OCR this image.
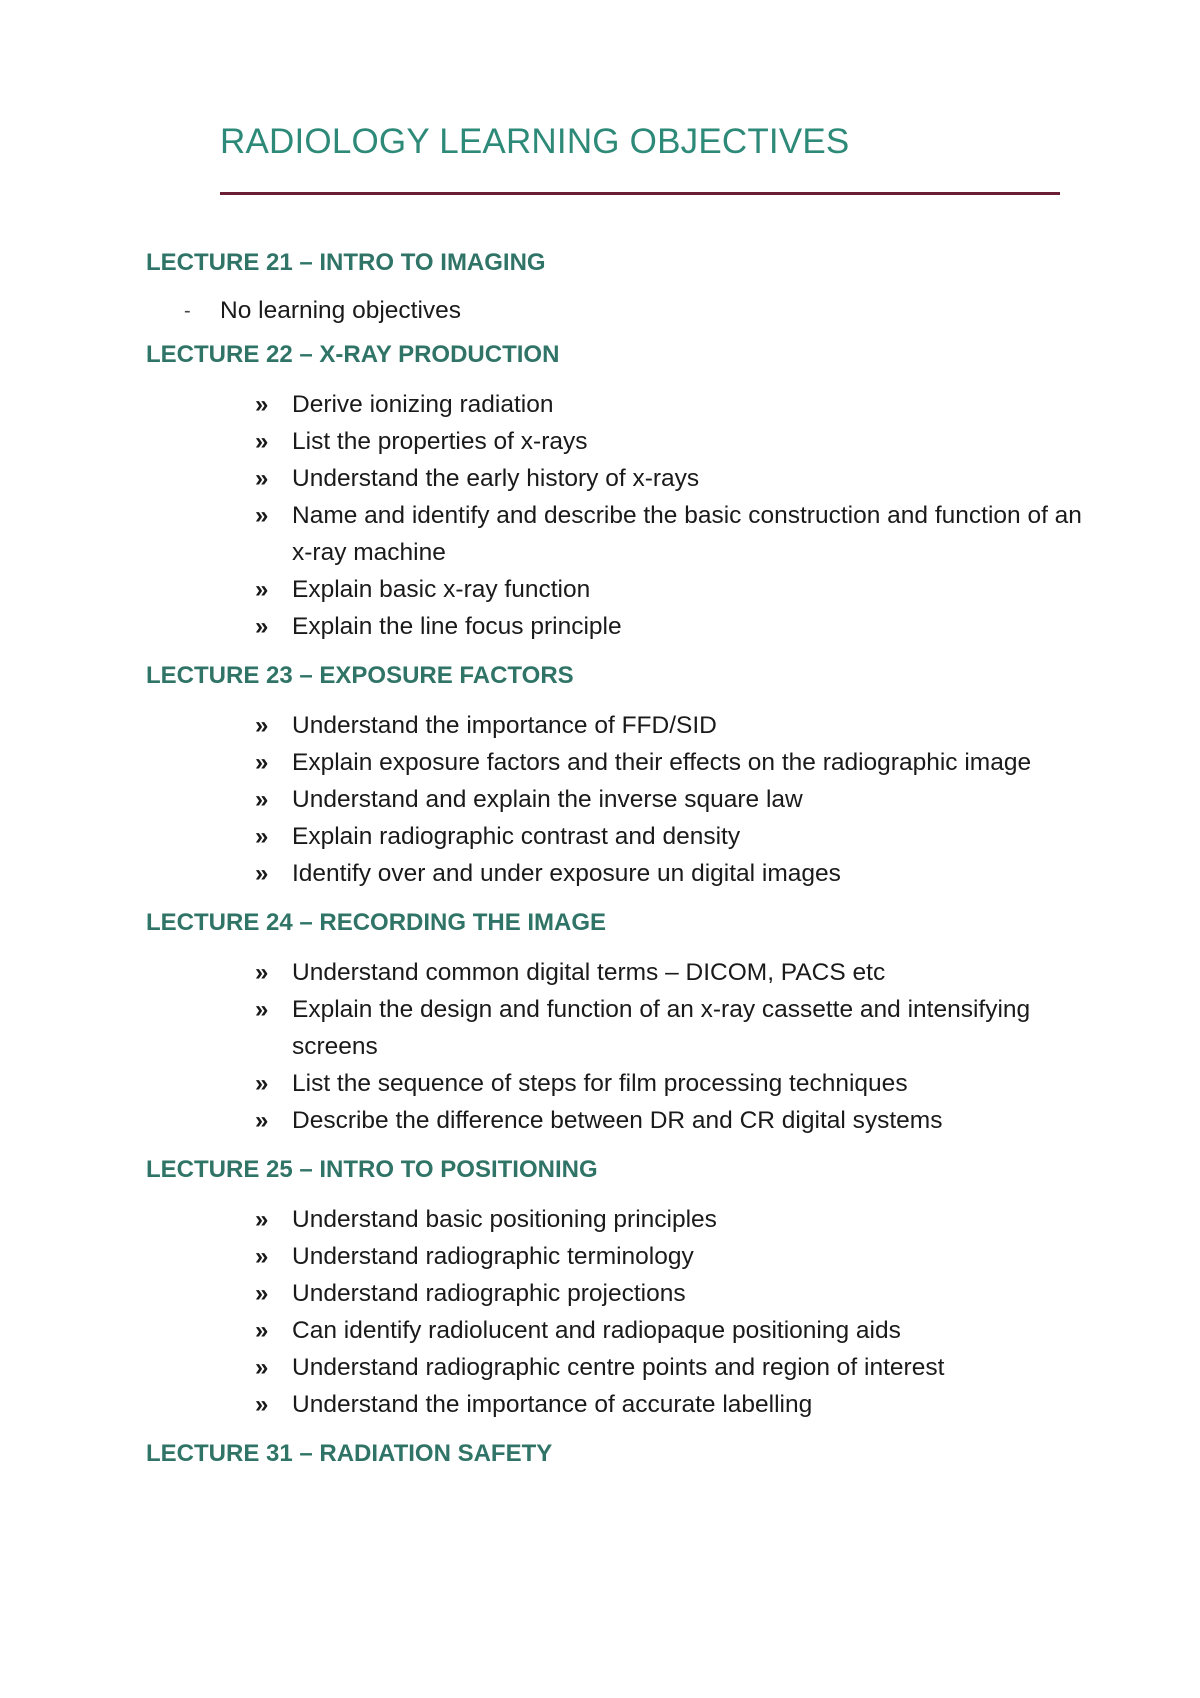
RADIOLOGY LEARNING OBJECTIVES
LECTURE 21 – INTRO TO IMAGING
- No learning objectives
LECTURE 22 – X-RAY PRODUCTION
» Derive ionizing radiation
» List the properties of x-rays
» Understand the early history of x-rays
» Name and identify and describe the basic construction and function of an x-ray machine
» Explain basic x-ray function
» Explain the line focus principle
LECTURE 23 – EXPOSURE FACTORS
» Understand the importance of FFD/SID
» Explain exposure factors and their effects on the radiographic image
» Understand and explain the inverse square law
» Explain radiographic contrast and density
» Identify over and under exposure un digital images
LECTURE 24 – RECORDING THE IMAGE
» Understand common digital terms – DICOM, PACS etc
» Explain the design and function of an x-ray cassette and intensifying screens
» List the sequence of steps for film processing techniques
» Describe the difference between DR and CR digital systems
LECTURE 25 – INTRO TO POSITIONING
» Understand basic positioning principles
» Understand radiographic terminology
» Understand radiographic projections
» Can identify radiolucent and radiopaque positioning aids
» Understand radiographic centre points and region of interest
» Understand the importance of accurate labelling
LECTURE 31 – RADIATION SAFETY
